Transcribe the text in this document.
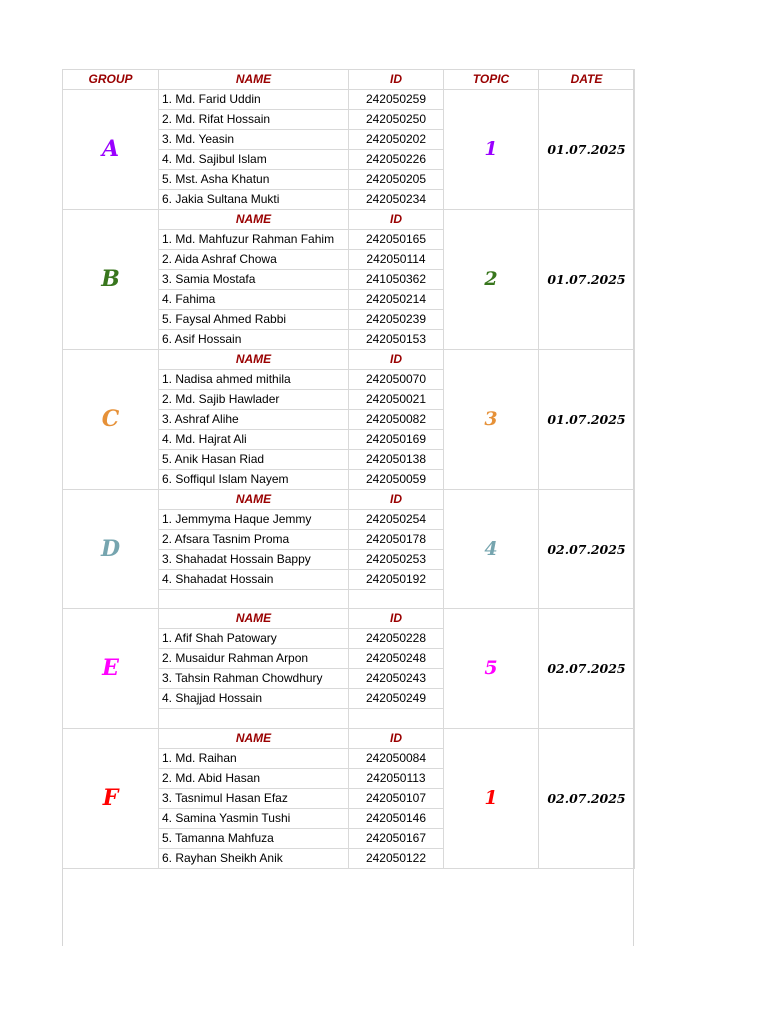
GROUP	NAME	ID	TOPIC	DATE
A	1. Md. Farid Uddin	242050259	1	01.07.2025
	2. Md. Rifat Hossain	242050250		
	3. Md. Yeasin	242050202		
	4. Md. Sajibul Islam	242050226		
	5. Mst. Asha Khatun	242050205		
	6. Jakia Sultana Mukti	242050234		
B	NAME	ID	2	01.07.2025
	1. Md. Mahfuzur Rahman Fahim	242050165		
	2. Aida Ashraf Chowa	242050114		
	3. Samia Mostafa	241050362		
	4. Fahima	242050214		
	5. Faysal Ahmed Rabbi	242050239		
	6. Asif Hossain	242050153		
C	NAME	ID	3	01.07.2025
	1. Nadisa ahmed mithila	242050070		
	2. Md. Sajib Hawlader	242050021		
	3. Ashraf Alihe	242050082		
	4. Md. Hajrat Ali	242050169		
	5. Anik Hasan Riad	242050138		
	6. Soffiqul Islam Nayem	242050059		
D	NAME	ID	4	02.07.2025
	1. Jemmyma Haque Jemmy	242050254		
	2. Afsara Tasnim Proma	242050178		
	3. Shahadat Hossain Bappy	242050253		
	4. Shahadat Hossain	242050192		

E	NAME	ID	5	02.07.2025
	1. Afif Shah Patowary	242050228		
	2. Musaidur Rahman Arpon	242050248		
	3. Tahsin Rahman Chowdhury	242050243		
	4. Shajjad Hossain	242050249		

F	NAME	ID	1	02.07.2025
	1. Md. Raihan	242050084		
	2. Md. Abid Hasan	242050113		
	3. Tasnimul Hasan Efaz	242050107		
	4. Samina Yasmin Tushi	242050146		
	5. Tamanna Mahfuza	242050167		
	6. Rayhan Sheikh Anik	242050122		
